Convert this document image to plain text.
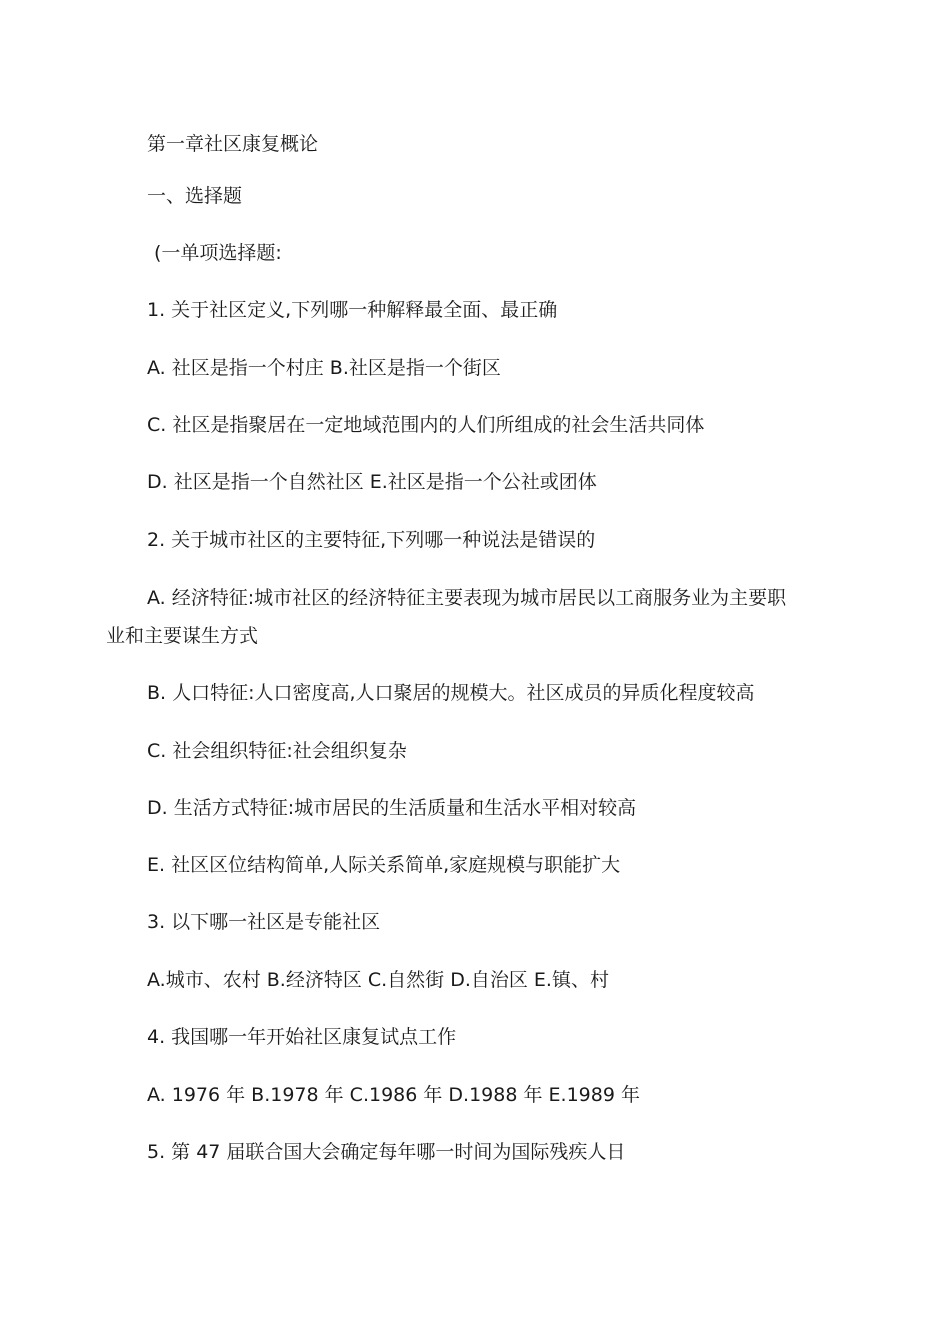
第一章社区康复概论
一、选择题
(一单项选择题:
1. 关于社区定义,下列哪一种解释最全面、最正确
A. 社区是指一个村庄 B.社区是指一个街区
C. 社区是指聚居在一定地域范围内的人们所组成的社会生活共同体
D. 社区是指一个自然社区 E.社区是指一个公社或团体
2. 关于城市社区的主要特征,下列哪一种说法是错误的
A. 经济特征:城市社区的经济特征主要表现为城市居民以工商服务业为主要职
业和主要谋生方式
B. 人口特征:人口密度高,人口聚居的规模大。社区成员的异质化程度较高
C. 社会组织特征:社会组织复杂
D. 生活方式特征:城市居民的生活质量和生活水平相对较高
E. 社区区位结构简单,人际关系简单,家庭规模与职能扩大
3. 以下哪一社区是专能社区
A.城市、农村 B.经济特区 C.自然街 D.自治区 E.镇、村
4. 我国哪一年开始社区康复试点工作
A. 1976 年 B.1978 年 C.1986 年 D.1988 年 E.1989 年
5. 第 47 届联合国大会确定每年哪一时间为国际残疾人日
